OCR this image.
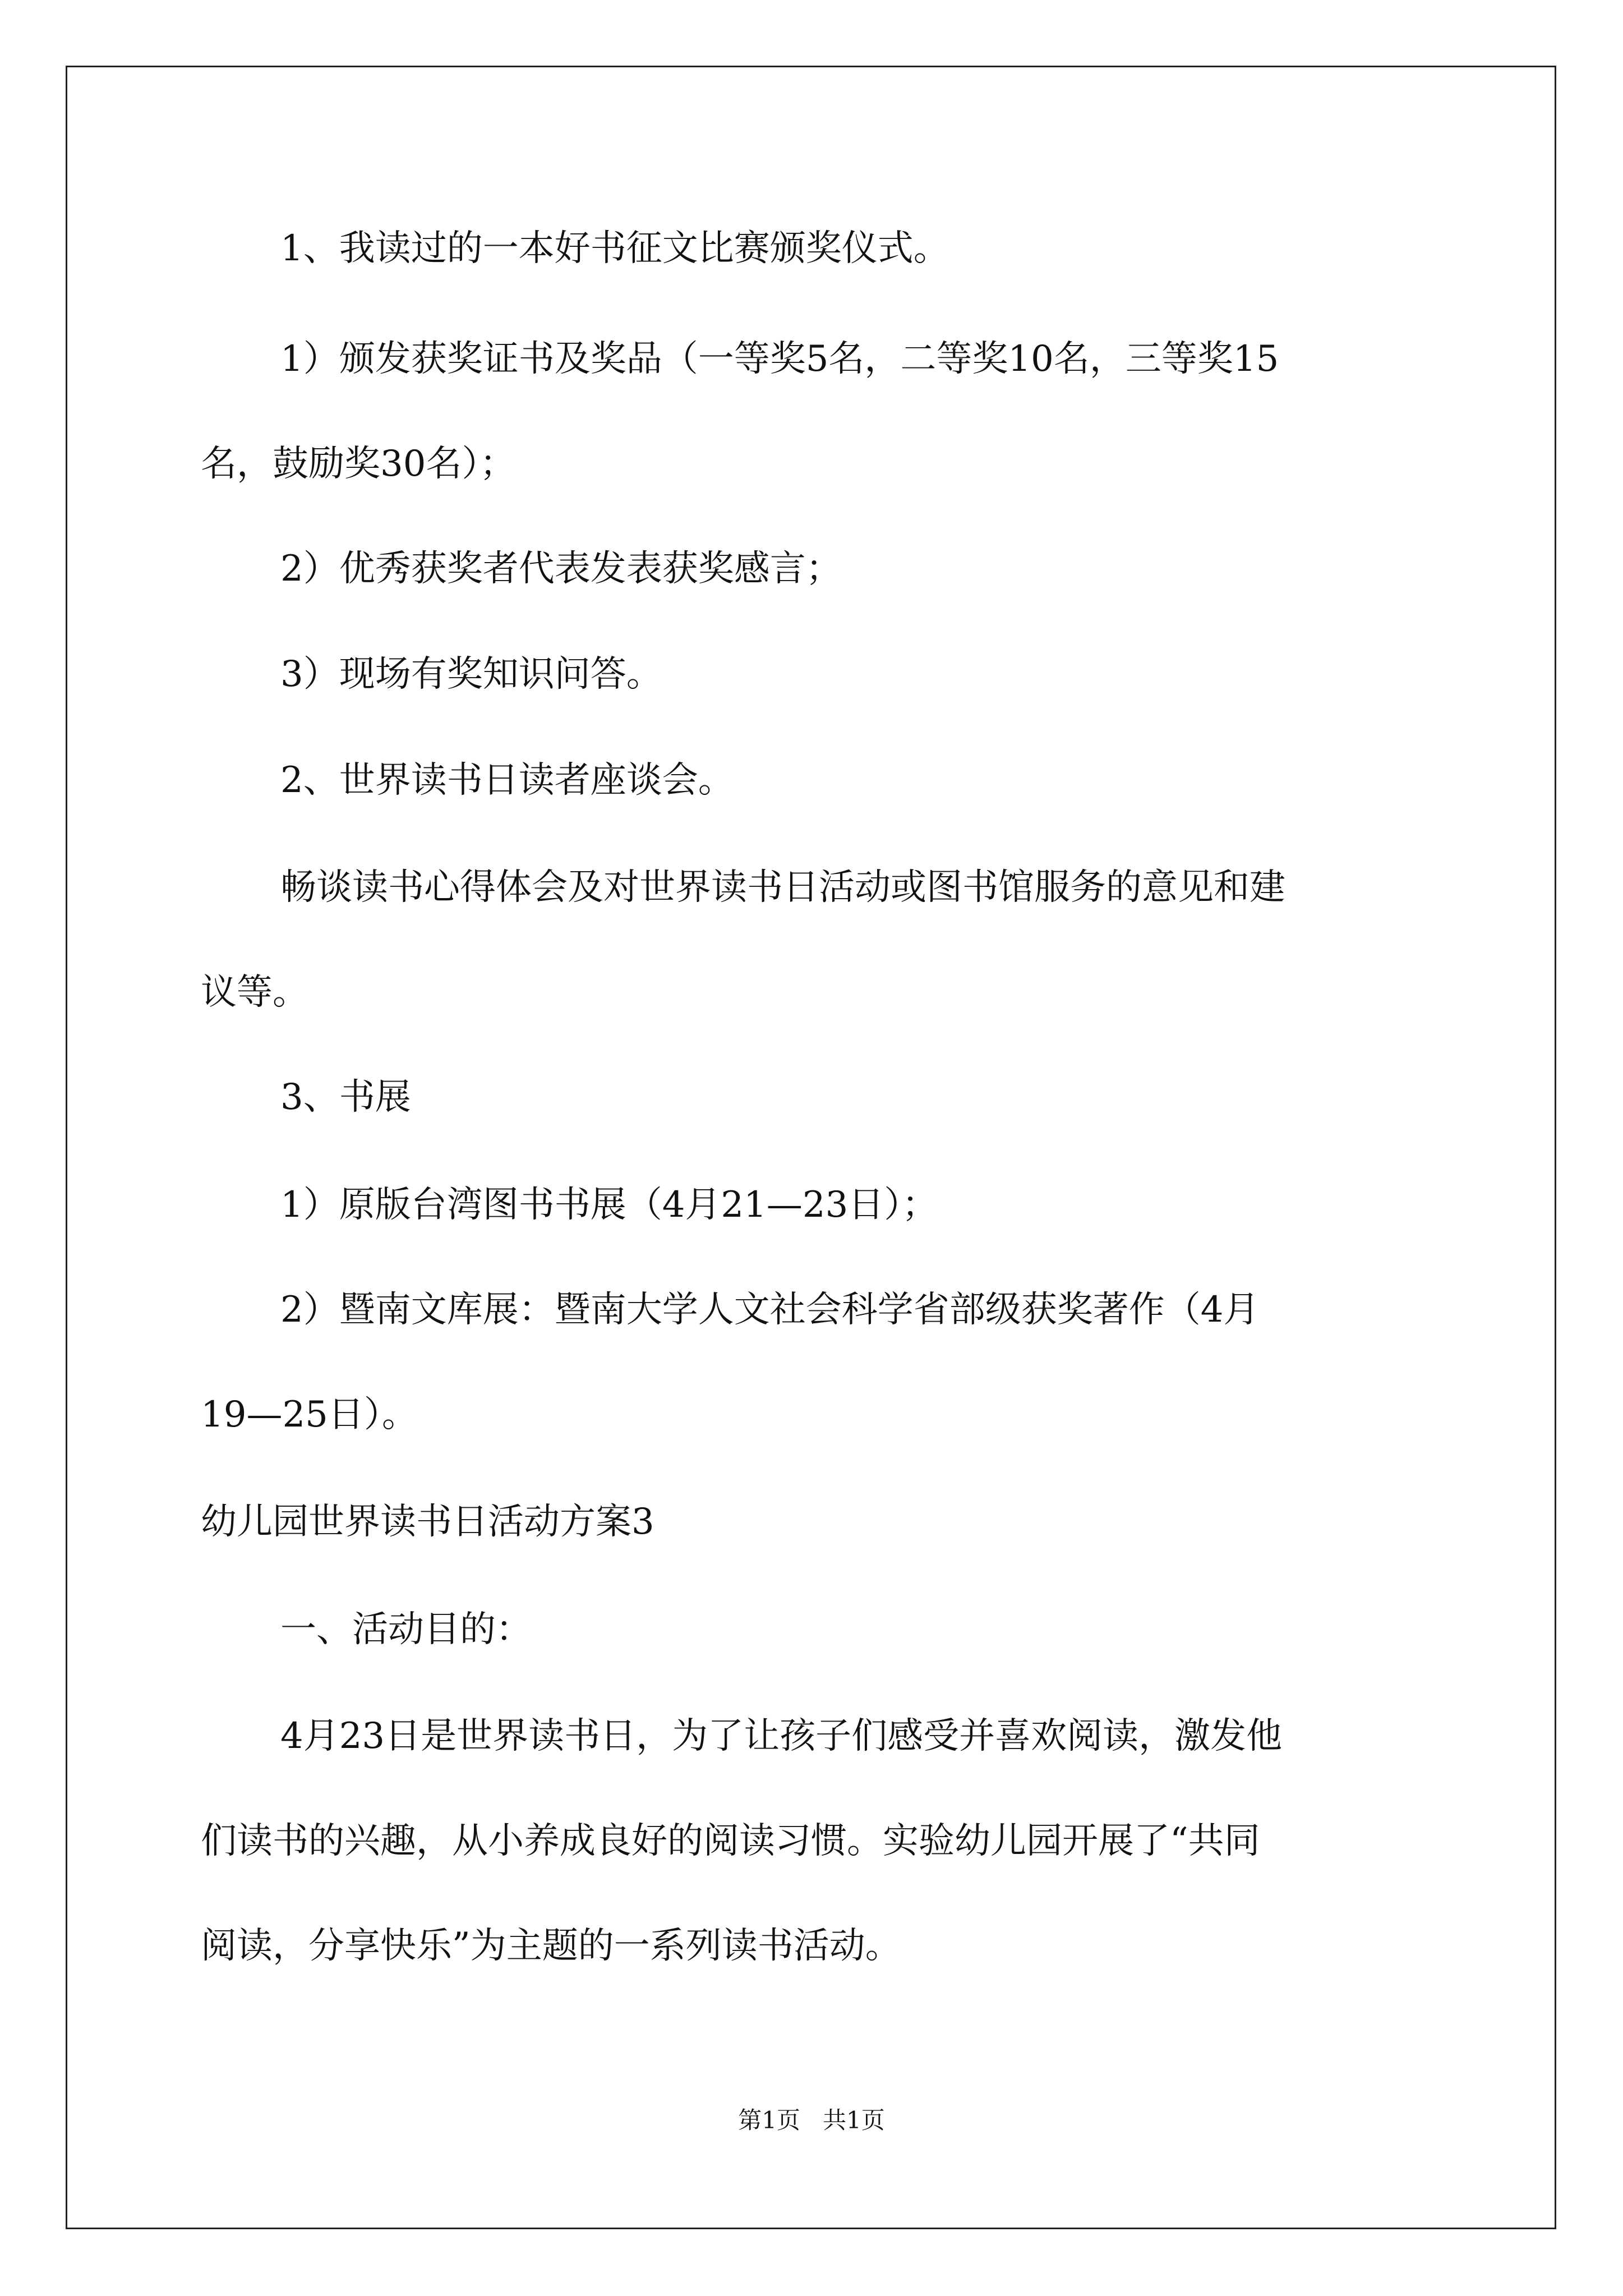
1、我读过的一本好书征文比赛颁奖仪式。
1）颁发获奖证书及奖品（一等奖5名，二等奖10名，三等奖15
名，鼓励奖30名）；
2）优秀获奖者代表发表获奖感言；
3）现场有奖知识问答。
2、世界读书日读者座谈会。
畅谈读书心得体会及对世界读书日活动或图书馆服务的意见和建
议等。
3、书展
1）原版台湾图书书展（4月21—23日）；
2）暨南文库展：暨南大学人文社会科学省部级获奖著作（4月
19—25日）。
幼儿园世界读书日活动方案3
一、活动目的：
4月23日是世界读书日，为了让孩子们感受并喜欢阅读，激发他
们读书的兴趣，从小养成良好的阅读习惯。实验幼儿园开展了“共同
阅读，分享快乐”为主题的一系列读书活动。
第1页   共1页
